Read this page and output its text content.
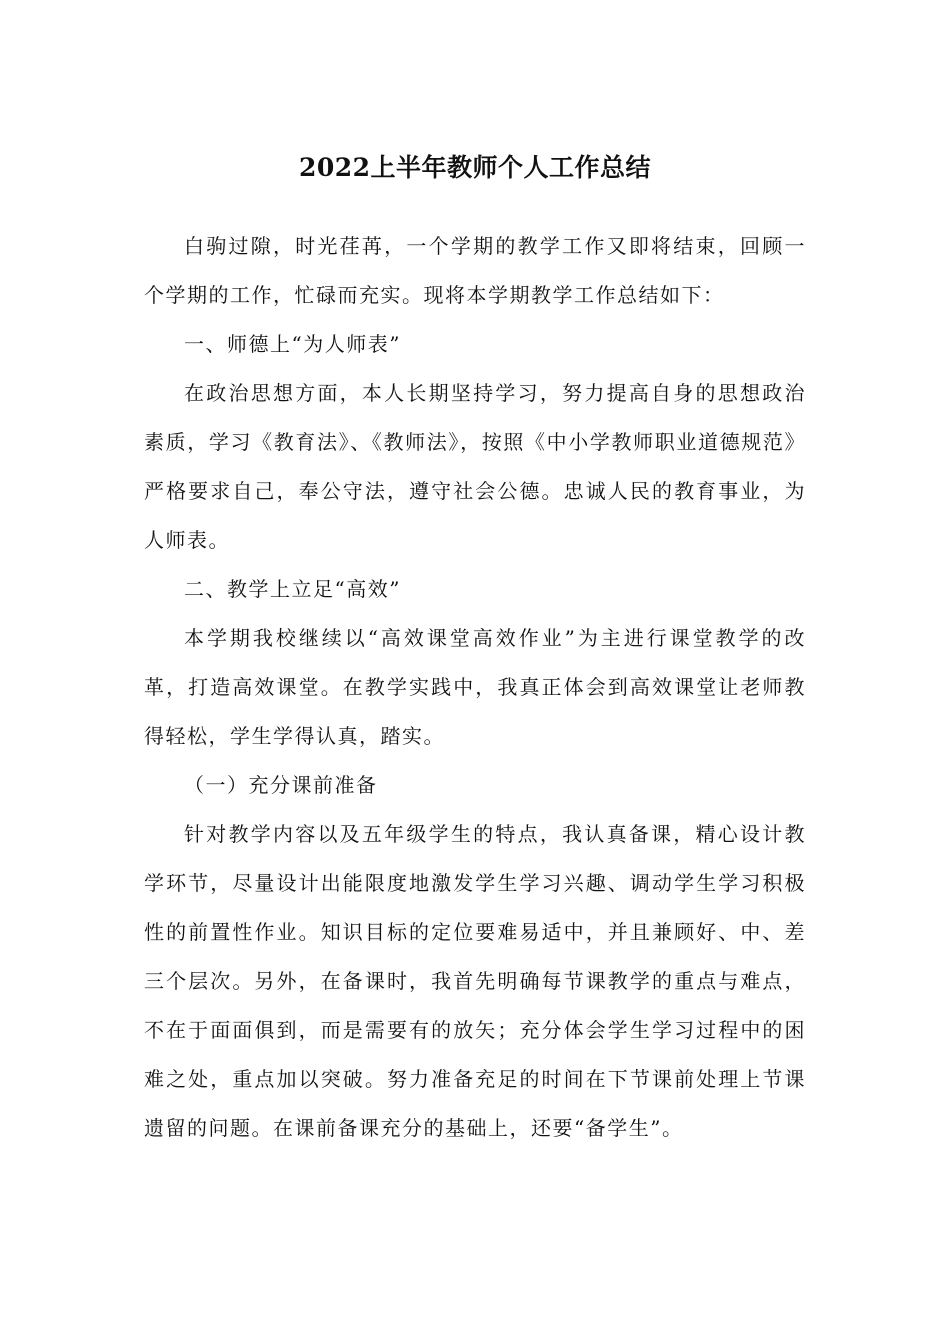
2022上半年教师个人工作总结

白驹过隙，时光荏苒，一个学期的教学工作又即将结束，回顾一个学期的工作，忙碌而充实。现将本学期教学工作总结如下：

一、师德上“为人师表”

在政治思想方面，本人长期坚持学习，努力提高自身的思想政治素质，学习《教育法》、《教师法》，按照《中小学教师职业道德规范》严格要求自己，奉公守法，遵守社会公德。忠诚人民的教育事业，为人师表。

二、教学上立足“高效”

本学期我校继续以“高效课堂高效作业”为主进行课堂教学的改革，打造高效课堂。在教学实践中，我真正体会到高效课堂让老师教得轻松，学生学得认真，踏实。

（一）充分课前准备

针对教学内容以及五年级学生的特点，我认真备课，精心设计教学环节，尽量设计出能限度地激发学生学习兴趣、调动学生学习积极性的前置性作业。知识目标的定位要难易适中，并且兼顾好、中、差三个层次。另外，在备课时，我首先明确每节课教学的重点与难点，不在于面面俱到，而是需要有的放矢；充分体会学生学习过程中的困难之处，重点加以突破。努力准备充足的时间在下节课前处理上节课遗留的问题。在课前备课充分的基础上，还要“备学生”。
